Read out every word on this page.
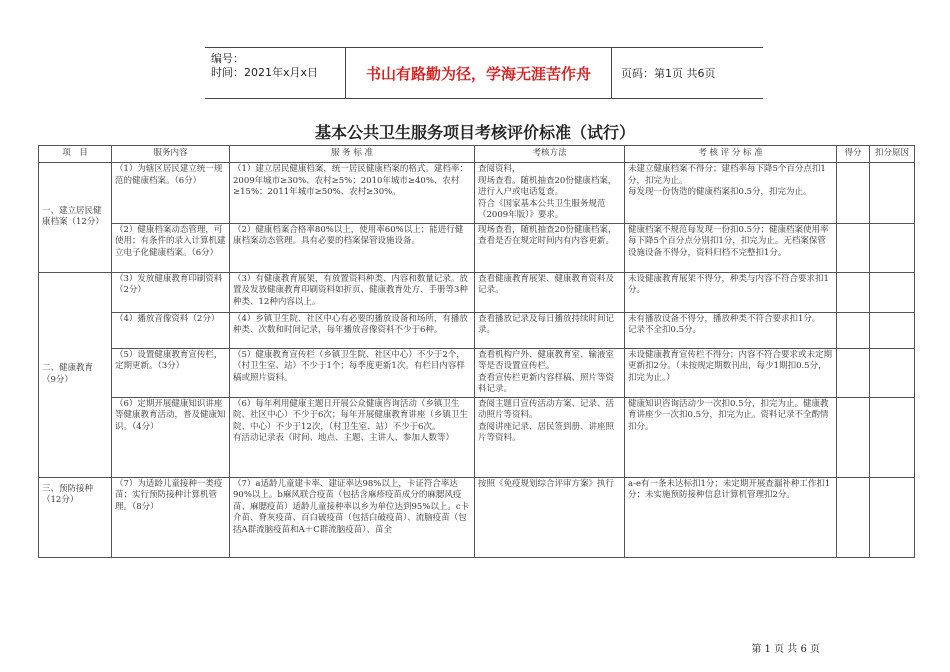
编号：
时间：2021年x月x日	书山有路勤为径，学海无涯苦作舟	页码：第1页 共6页
基本公共卫生服务项目考核评价标准（试行）
项　目	服务内容	服 务 标 准	考核方法	考 核 评 分 标 准	得分	扣分原因
一、建立居民健康档案（12分）	（1）为辖区居民建立统一规范的健康档案。（6分）	（1）建立居民健康档案，统一居民健康档案的格式。建档率：2009年城市≥30%、农村≥5%；2010年城市≥40%、农村≥15%；2011年城市≥50%、农村≥30%。	查阅资料，
现场查看。随机抽查20份健康档案，进行入户或电话复查。
符合《国家基本公共卫生服务规范（2009年版）》要求。	未建立健康档案不得分；建档率每下降5个百分点扣1分，扣完为止。
每发现一份伪造的健康档案扣0.5分，扣完为止。		
	（2）健康档案动态管理，可使用；有条件的录入计算机建立电子化健康档案。（6分）	（2）健康档案合格率80%以上，使用率60%以上；能进行健康档案动态管理。具有必要的档案保管设施设备。	现场查看，随机抽查20份健康档案，查看是否在规定时间内有内容更新。	健康档案不规范每发现一份扣0.5分；健康档案使用率每下降5个百分点分别扣1分，扣完为止。无档案保管设施设备不得分，资料归档不完整扣1分。		
二、健康教育
（9分）	（3）发放健康教育印刷资料（2分）	（3）有健康教育展架，有放置资料种类、内容和数量记录。放置及发放健康教育印刷资料如折页、健康教育处方、手册等3种种类、12种内容以上。	查看健康教育展架、健康教育资料及记录。	未设健康教育展架不得分，种类与内容不符合要求扣1分。		
	（4）播放音像资料（2分）	（4）乡镇卫生院、社区中心有必要的播放设备和场所，有播放种类、次数和时间记录，每年播放音像资料不少于6种。	查看播放记录及每日播放持续时间记录。	未有播放设备不得分，播放种类不符合要求扣1分。
记录不全扣0.5分。		
	（5）设置健康教育宣传栏，定期更新。（3分）	（5）健康教育宣传栏（乡镇卫生院、社区中心）不少于2个，（村卫生室、站）不少于1个；每季度更新1次。有栏目内容样稿或照片资料。	查看机构户外、健康教育室、输液室等是否设置宣传栏。
查看宣传栏更新内容样稿、照片等资料记录。	未设健康教育宣传栏不得分；内容不符合要求或未定期更新扣2分。（未按规定期数刊出，每少1期扣0.5分，扣完为止。）		
	（6）定期开展健康知识讲座等健康教育活动，普及健康知识。（4分）	（6）每年利用健康主题日开展公众健康咨询活动（乡镇卫生院、社区中心）不少于6次；每年开展健康教育讲座（乡镇卫生院、中心）不少于12次，（村卫生室、站）不少于6次。
有活动记录表（时间、地点、主题、主讲人、参加人数等）	查阅主题日宣传活动方案、记录、活动照片等资料。
查阅讲座记录、居民签到册、讲座照片等资料。	健康知识咨询活动少一次扣0.5分，扣完为止。健康教育讲座少一次扣0.5分，扣完为止。资料记录不全酌情扣分。		
三、预防接种
（12分）	（7）为适龄儿童接种一类疫苗；实行预防接种计算机管理。（8分）	（7）a适龄儿童建卡率、建证率达98%以上，卡证符合率达90%以上。b麻风联合疫苗（包括含麻疹疫苗成分的麻腮风疫苗、麻腮疫苗）适龄儿童接种率以乡为单位达到95%以上。c卡介苗、脊灰疫苗、百白破疫苗（包括白破疫苗）、流脑疫苗（包括A群流脑疫苗和A＋C群流脑疫苗）、苗全	按照《免疫规划综合评审方案》执行	a-e有一条未达标扣1分；未定期开展查漏补种工作扣1分；未实施预防接种信息计算机管理扣2分。		
第 1 页 共 6 页
